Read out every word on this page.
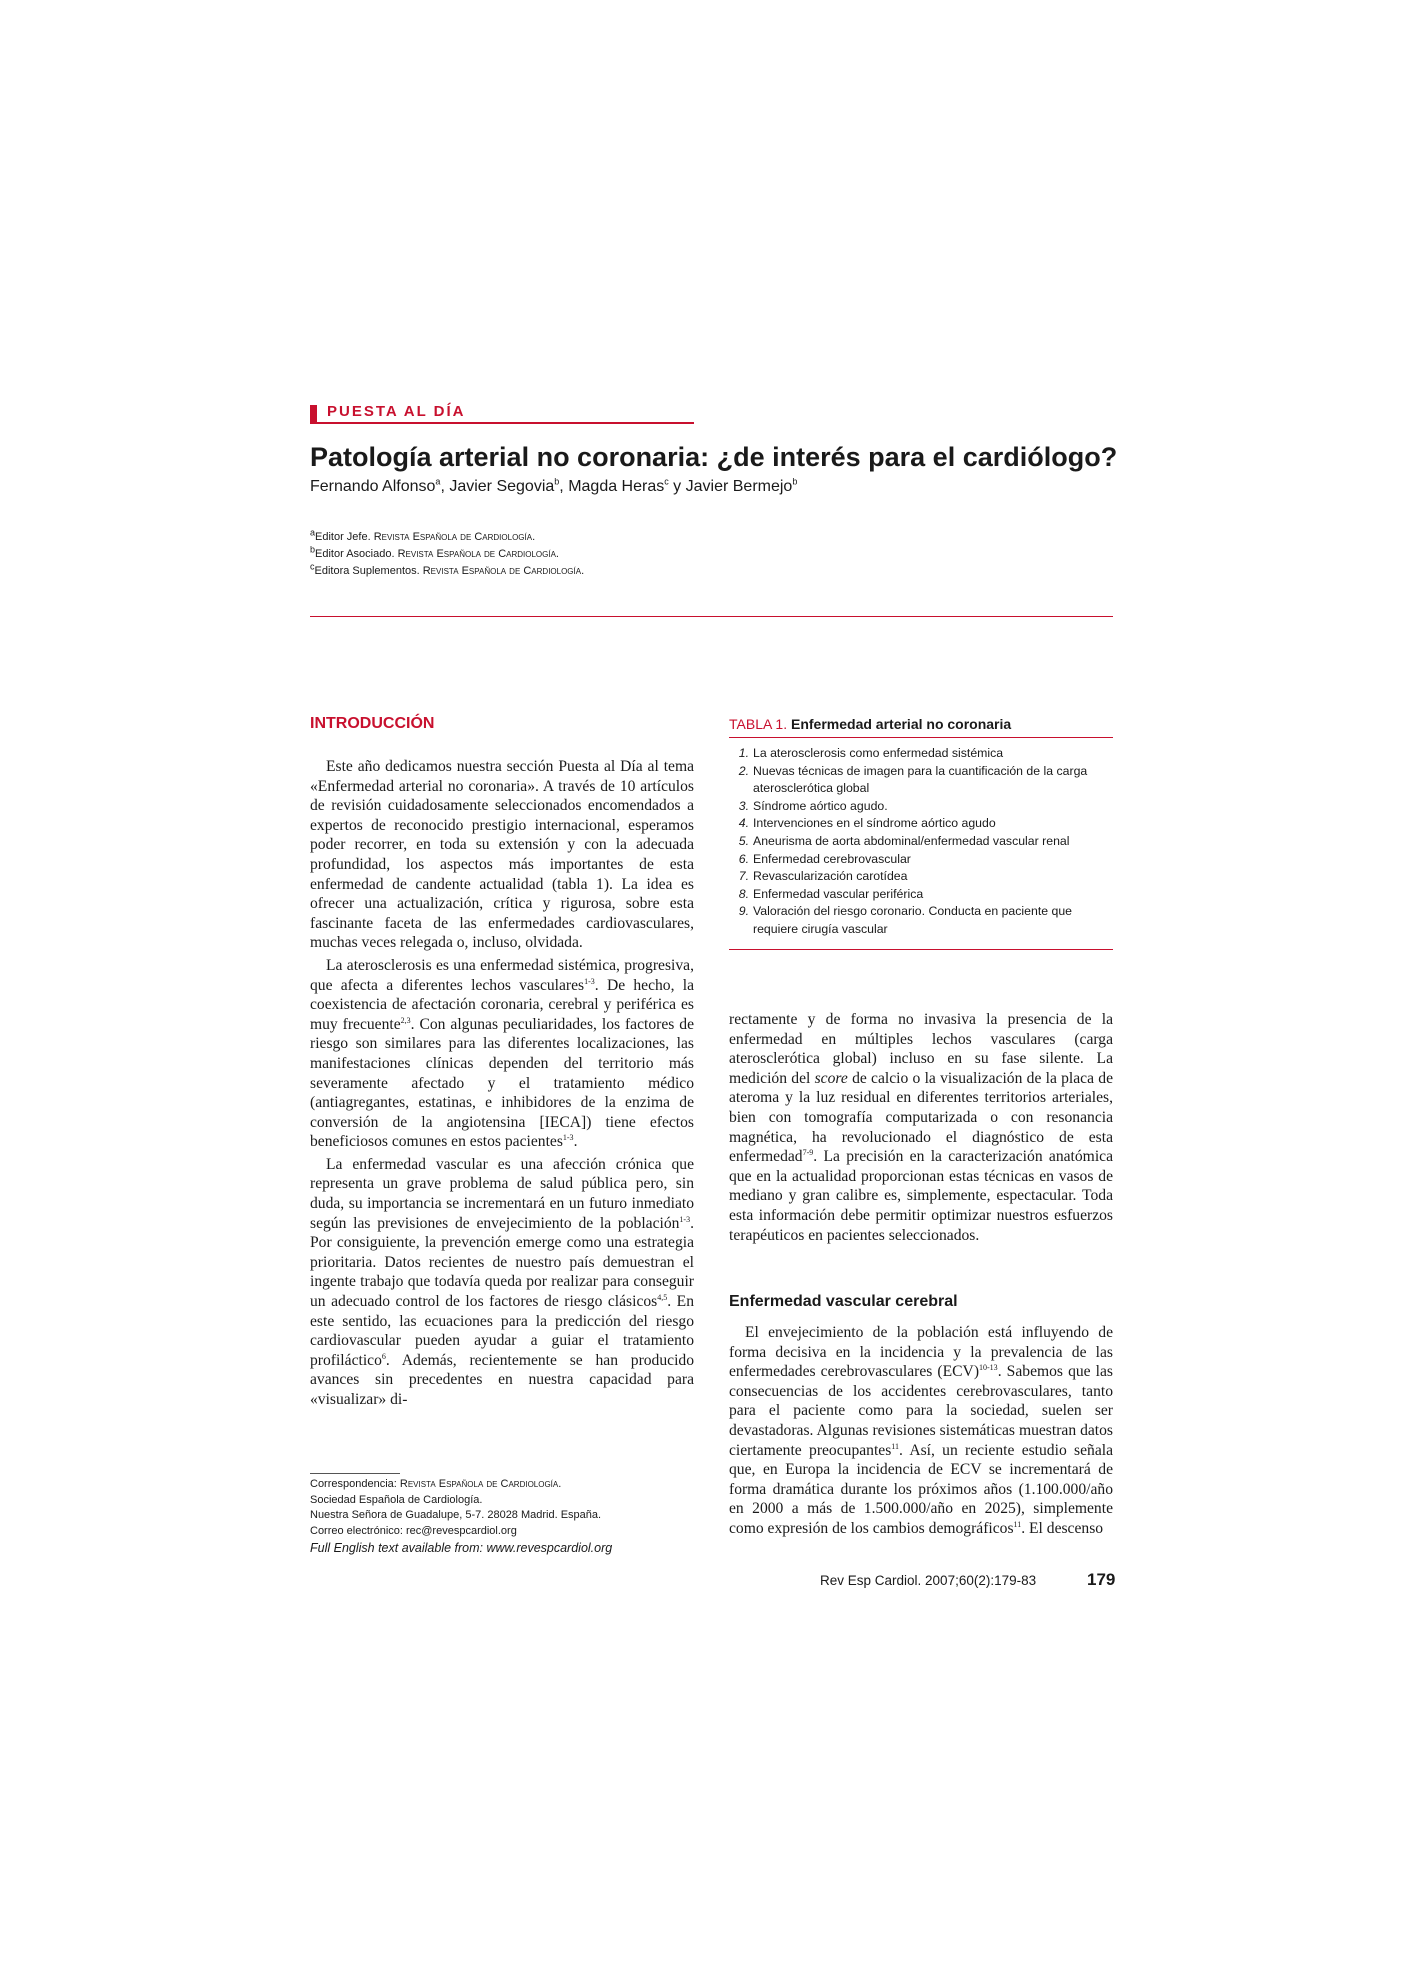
PUESTA AL DÍA
Patología arterial no coronaria: ¿de interés para el cardiólogo?
Fernando Alfonso$^a$, Javier Segovia$^b$, Magda Heras$^c$ y Javier Bermejo$^b$
$^a$Editor Jefe. Revista Española de Cardiología.
$^b$Editor Asociado. Revista Española de Cardiología.
$^c$Editora Suplementos. Revista Española de Cardiología.
INTRODUCCIÓN

Este año dedicamos nuestra sección Puesta al Día al tema «Enfermedad arterial no coronaria». A través de 10 artículos de revisión cuidadosamente seleccionados encomendados a expertos de reconocido prestigio internacional, esperamos poder recorrer, en toda su extensión y con la adecuada profundidad, los aspectos más importantes de esta enfermedad de candente actualidad (tabla 1). La idea es ofrecer una actualización, crítica y rigurosa, sobre esta fascinante faceta de las enfermedades cardiovasculares, muchas veces relegada o, incluso, olvidada.

La aterosclerosis es una enfermedad sistémica, progresiva, que afecta a diferentes lechos vasculares$^{1-3}$. De hecho, la coexistencia de afectación coronaria, cerebral y periférica es muy frecuente$^{2,3}$. Con algunas peculiaridades, los factores de riesgo son similares para las diferentes localizaciones, las manifestaciones clínicas dependen del territorio más severamente afectado y el tratamiento médico (antiagregantes, estatinas, e inhibidores de la enzima de conversión de la angiotensina [IECA]) tiene efectos beneficiosos comunes en estos pacientes$^{1-3}$.

La enfermedad vascular es una afección crónica que representa un grave problema de salud pública pero, sin duda, su importancia se incrementará en un futuro inmediato según las previsiones de envejecimiento de la población$^{1-3}$. Por consiguiente, la prevención emerge como una estrategia prioritaria. Datos recientes de nuestro país demuestran el ingente trabajo que todavía queda por realizar para conseguir un adecuado control de los factores de riesgo clásicos$^{4,5}$. En este sentido, las ecuaciones para la predicción del riesgo cardiovascular pueden ayudar a guiar el tratamiento profiláctico$^6$. Además, recientemente se han producido avances sin precedentes en nuestra capacidad para «visualizar» di-

TABLA 1. Enfermedad arterial no coronaria
1. La aterosclerosis como enfermedad sistémica
2. Nuevas técnicas de imagen para la cuantificación de la carga aterosclerótica global
3. Síndrome aórtico agudo.
4. Intervenciones en el síndrome aórtico agudo
5. Aneurisma de aorta abdominal/enfermedad vascular renal
6. Enfermedad cerebrovascular
7. Revascularización carotídea
8. Enfermedad vascular periférica
9. Valoración del riesgo coronario. Conducta en paciente que requiere cirugía vascular

rectamente y de forma no invasiva la presencia de la enfermedad en múltiples lechos vasculares (carga aterosclerótica global) incluso en su fase silente. La medición del score de calcio o la visualización de la placa de ateroma y la luz residual en diferentes territorios arteriales, bien con tomografía computarizada o con resonancia magnética, ha revolucionado el diagnóstico de esta enfermedad$^{7-9}$. La precisión en la caracterización anatómica que en la actualidad proporcionan estas técnicas en vasos de mediano y gran calibre es, simplemente, espectacular. Toda esta información debe permitir optimizar nuestros esfuerzos terapéuticos en pacientes seleccionados.

Enfermedad vascular cerebral

El envejecimiento de la población está influyendo de forma decisiva en la incidencia y la prevalencia de las enfermedades cerebrovasculares (ECV)$^{10-13}$. Sabemos que las consecuencias de los accidentes cerebrovasculares, tanto para el paciente como para la sociedad, suelen ser devastadoras. Algunas revisiones sistemáticas muestran datos ciertamente preocupantes$^{11}$. Así, un reciente estudio señala que, en Europa la incidencia de ECV se incrementará de forma dramática durante los próximos años (1.100.000/año en 2000 a más de 1.500.000/año en 2025), simplemente como expresión de los cambios demográficos$^{11}$. El descenso

Correspondencia: Revista Española de Cardiología.
Sociedad Española de Cardiología.
Nuestra Señora de Guadalupe, 5-7. 28028 Madrid. España.
Correo electrónico: rec@revespcardiol.org
Full English text available from: www.revespcardiol.org
Rev Esp Cardiol. 2007;60(2):179-83	179
